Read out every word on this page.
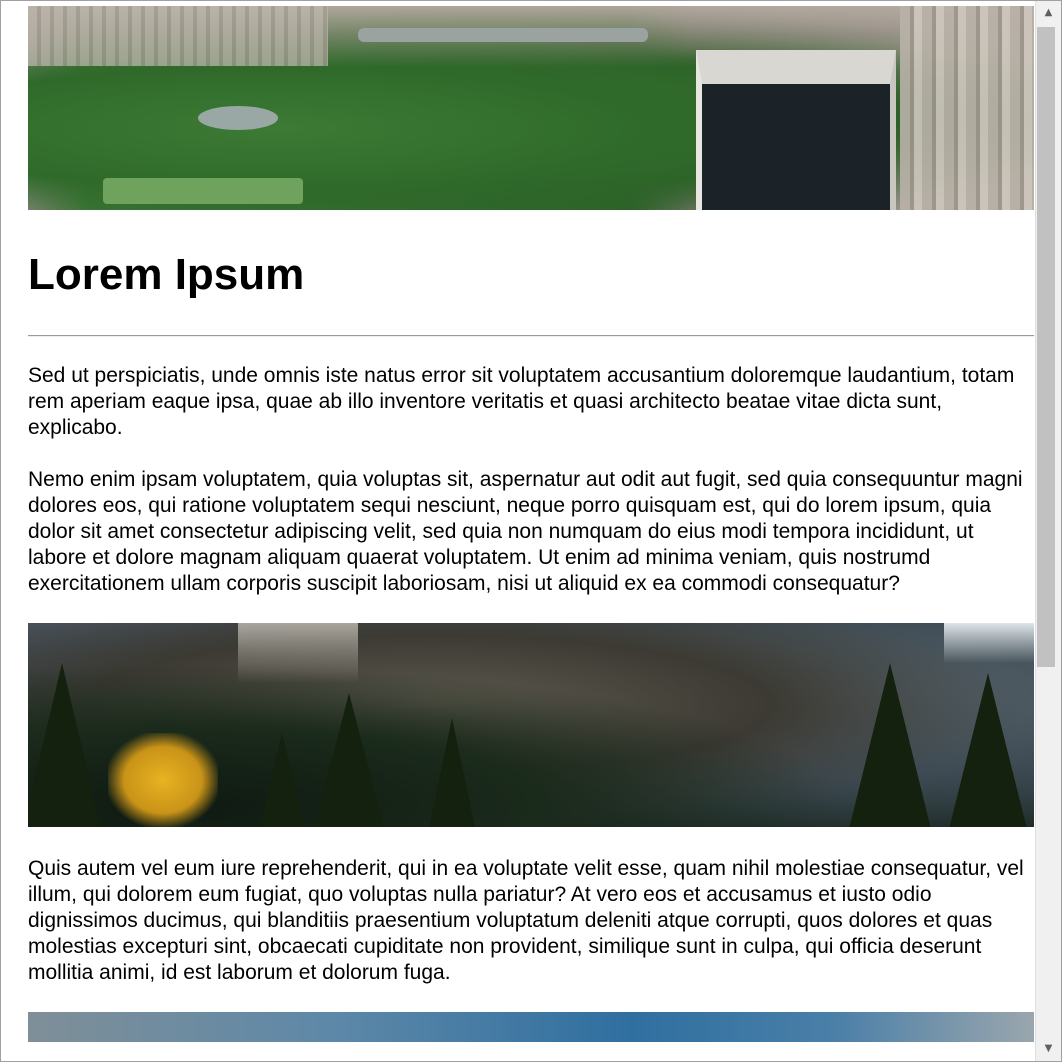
Lorem Ipsum

Sed ut perspiciatis, unde omnis iste natus error sit voluptatem accusantium doloremque laudantium, totam rem aperiam eaque ipsa, quae ab illo inventore veritatis et quasi architecto beatae vitae dicta sunt, explicabo.

Nemo enim ipsam voluptatem, quia voluptas sit, aspernatur aut odit aut fugit, sed quia consequuntur magni dolores eos, qui ratione voluptatem sequi nesciunt, neque porro quisquam est, qui do lorem ipsum, quia dolor sit amet consectetur adipiscing velit, sed quia non numquam do eius modi tempora incididunt, ut labore et dolore magnam aliquam quaerat voluptatem. Ut enim ad minima veniam, quis nostrumd exercitationem ullam corporis suscipit laboriosam, nisi ut aliquid ex ea commodi consequatur?

Quis autem vel eum iure reprehenderit, qui in ea voluptate velit esse, quam nihil molestiae consequatur, vel illum, qui dolorem eum fugiat, quo voluptas nulla pariatur? At vero eos et accusamus et iusto odio dignissimos ducimus, qui blanditiis praesentium voluptatum deleniti atque corrupti, quos dolores et quas molestias excepturi sint, obcaecati cupiditate non provident, similique sunt in culpa, qui officia deserunt mollitia animi, id est laborum et dolorum fuga.

▲
▼
